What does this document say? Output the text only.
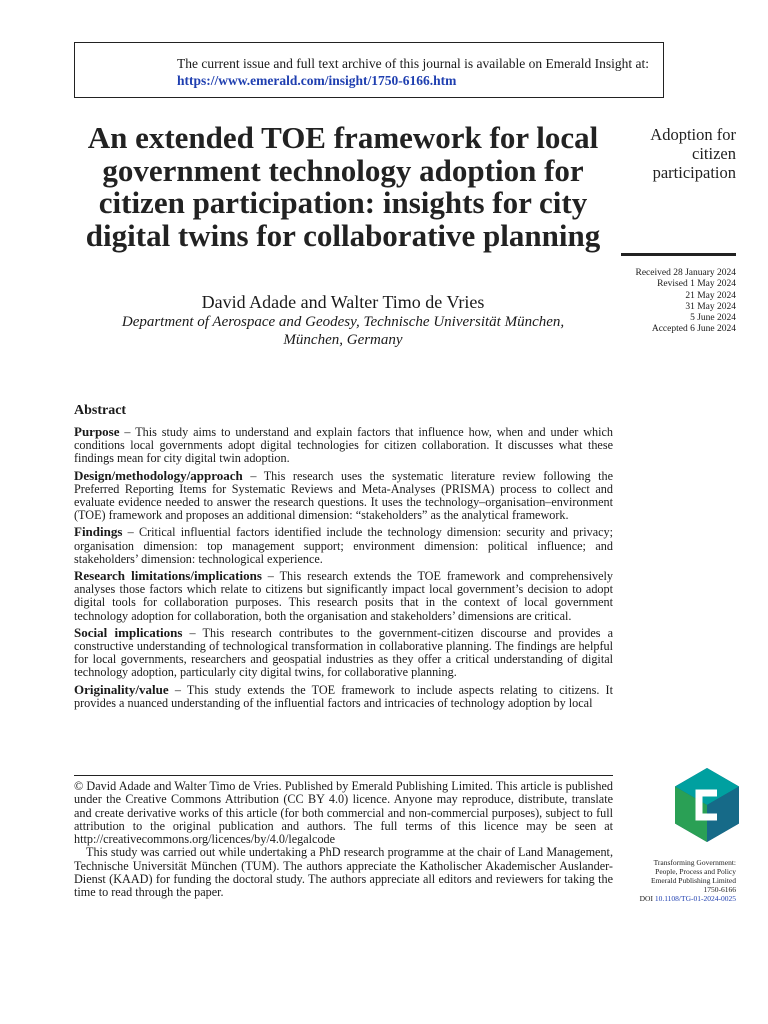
The current issue and full text archive of this journal is available on Emerald Insight at:
https://www.emerald.com/insight/1750-6166.htm
An extended TOE framework for local government technology adoption for citizen participation: insights for city digital twins for collaborative planning
David Adade and Walter Timo de Vries
Department of Aerospace and Geodesy, Technische Universität München,
München, Germany
Adoption for citizen participation
Received 28 January 2024
Revised 1 May 2024
21 May 2024
31 May 2024
5 June 2024
Accepted 6 June 2024
Abstract

Purpose – This study aims to understand and explain factors that influence how, when and under which conditions local governments adopt digital technologies for citizen collaboration. It discusses what these findings mean for city digital twin adoption.

Design/methodology/approach – This research uses the systematic literature review following the Preferred Reporting Items for Systematic Reviews and Meta-Analyses (PRISMA) process to collect and evaluate evidence needed to answer the research questions. It uses the technology–organisation–environment (TOE) framework and proposes an additional dimension: “stakeholders” as the analytical framework.

Findings – Critical influential factors identified include the technology dimension: security and privacy; organisation dimension: top management support; environment dimension: political influence; and stakeholders’ dimension: technological experience.

Research limitations/implications – This research extends the TOE framework and comprehensively analyses those factors which relate to citizens but significantly impact local government’s decision to adopt digital tools for collaboration purposes. This research posits that in the context of local government technology adoption for collaboration, both the organisation and stakeholders’ dimensions are critical.

Social implications – This research contributes to the government-citizen discourse and provides a constructive understanding of technological transformation in collaborative planning. The findings are helpful for local governments, researchers and geospatial industries as they offer a critical understanding of digital technology adoption, particularly city digital twins, for collaborative planning.

Originality/value – This study extends the TOE framework to include aspects relating to citizens. It provides a nuanced understanding of the influential factors and intricacies of technology adoption by local

© David Adade and Walter Timo de Vries. Published by Emerald Publishing Limited. This article is published under the Creative Commons Attribution (CC BY 4.0) licence. Anyone may reproduce, distribute, translate and create derivative works of this article (for both commercial and non-commercial purposes), subject to full attribution to the original publication and authors. The full terms of this licence may be seen at http://creativecommons.org/licences/by/4.0/legalcode

This study was carried out while undertaking a PhD research programme at the chair of Land Management, Technische Universität München (TUM). The authors appreciate the Katholischer Akademischer Auslander-Dienst (KAAD) for funding the doctoral study. The authors appreciate all editors and reviewers for taking the time to read through the paper.

Transforming Government:
People, Process and Policy
Emerald Publishing Limited
1750-6166
DOI 10.1108/TG-01-2024-0025
